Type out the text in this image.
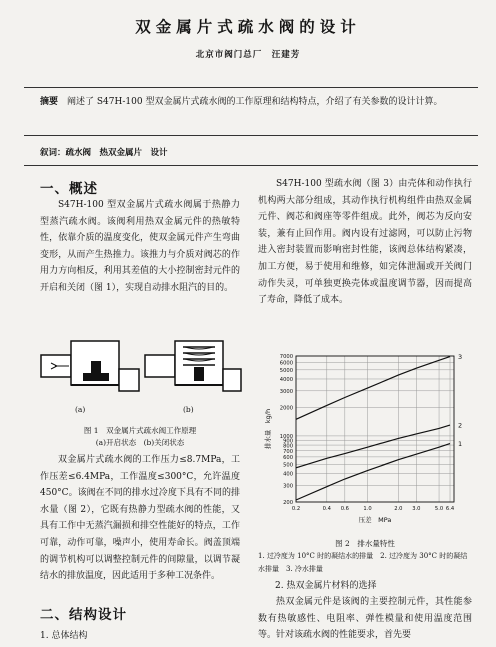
双金属片式疏水阀的设计
北京市阀门总厂　汪建芳
摘要　 阐述了 S47H-100 型双金属片式疏水阀的工作原理和结构特点，介绍了有关参数的设计计算。
叙词：疏水阀　热双金属片　设计
一、概述
S47H-100 型双金属片式疏水阀属于热静力型蒸汽疏水阀。该阀利用热双金属元件的热敏特性，依靠介质的温度变化，使双金属元件产生弯曲变形，从而产生热推力。该推力与介质对阀芯的作用力方向相反，利用其差值的大小控制密封元件的开启和关闭（图 1），实现自动排水阻汽的目的。
(a)	(b)
图 1　双金属片式疏水阀工作原理
(a)开启状态　(b)关闭状态
双金属片式疏水阀的工作压力≤8.7MPa，工作压差≤6.4MPa，工作温度≤300°C，允许温度 450°C。该阀在不同的排水过冷度下具有不同的排水量（图 2），它既有热静力型疏水阀的性能，又具有工作中无蒸汽漏损和排空性能好的特点，工作可靠，动作可靠，噪声小，使用寿命长。阀盖顶端的调节机构可以调整控制元件的间隙量，以调节凝结水的排放温度，因此适用于多种工况条件。
二、结构设计
1. 总体结构
S47H-100 型疏水阀（图 3）由壳体和动作执行机构两大部分组成，其动作执行机构组件由热双金属元件、阀芯和阀座等零件组成。此外，阀芯为反向安装，兼有止回作用。阀内设有过滤网，可以防止污物进入密封装置而影响密封性能，该阀总体结构紧凑，加工方便，易于使用和维修，如完体泄漏或开关阀门动作失灵，可单独更换壳体或温度调节器，因而提高了寿命，降低了成本。
200
300
400
500
600
700
800
900
1000
2000
3000
4000
5000
6000
7000
0.2	0.4 0.6	1.0	2.0 3.0	5.0 6.4
3
2
1
压差　MPa
排水量　kg/h
图 2　排水量特性
1. 过冷度为 10°C 时的凝结水的排量　2. 过冷度为 30°C 时的凝结水排量　3. 冷水排量
2. 热双金属片材料的选择
热双金属元件是该阀的主要控制元件，其性能参数有热敏感性、电阻率、弹性模量和使用温度范围等。针对该疏水阀的性能要求，首先要
